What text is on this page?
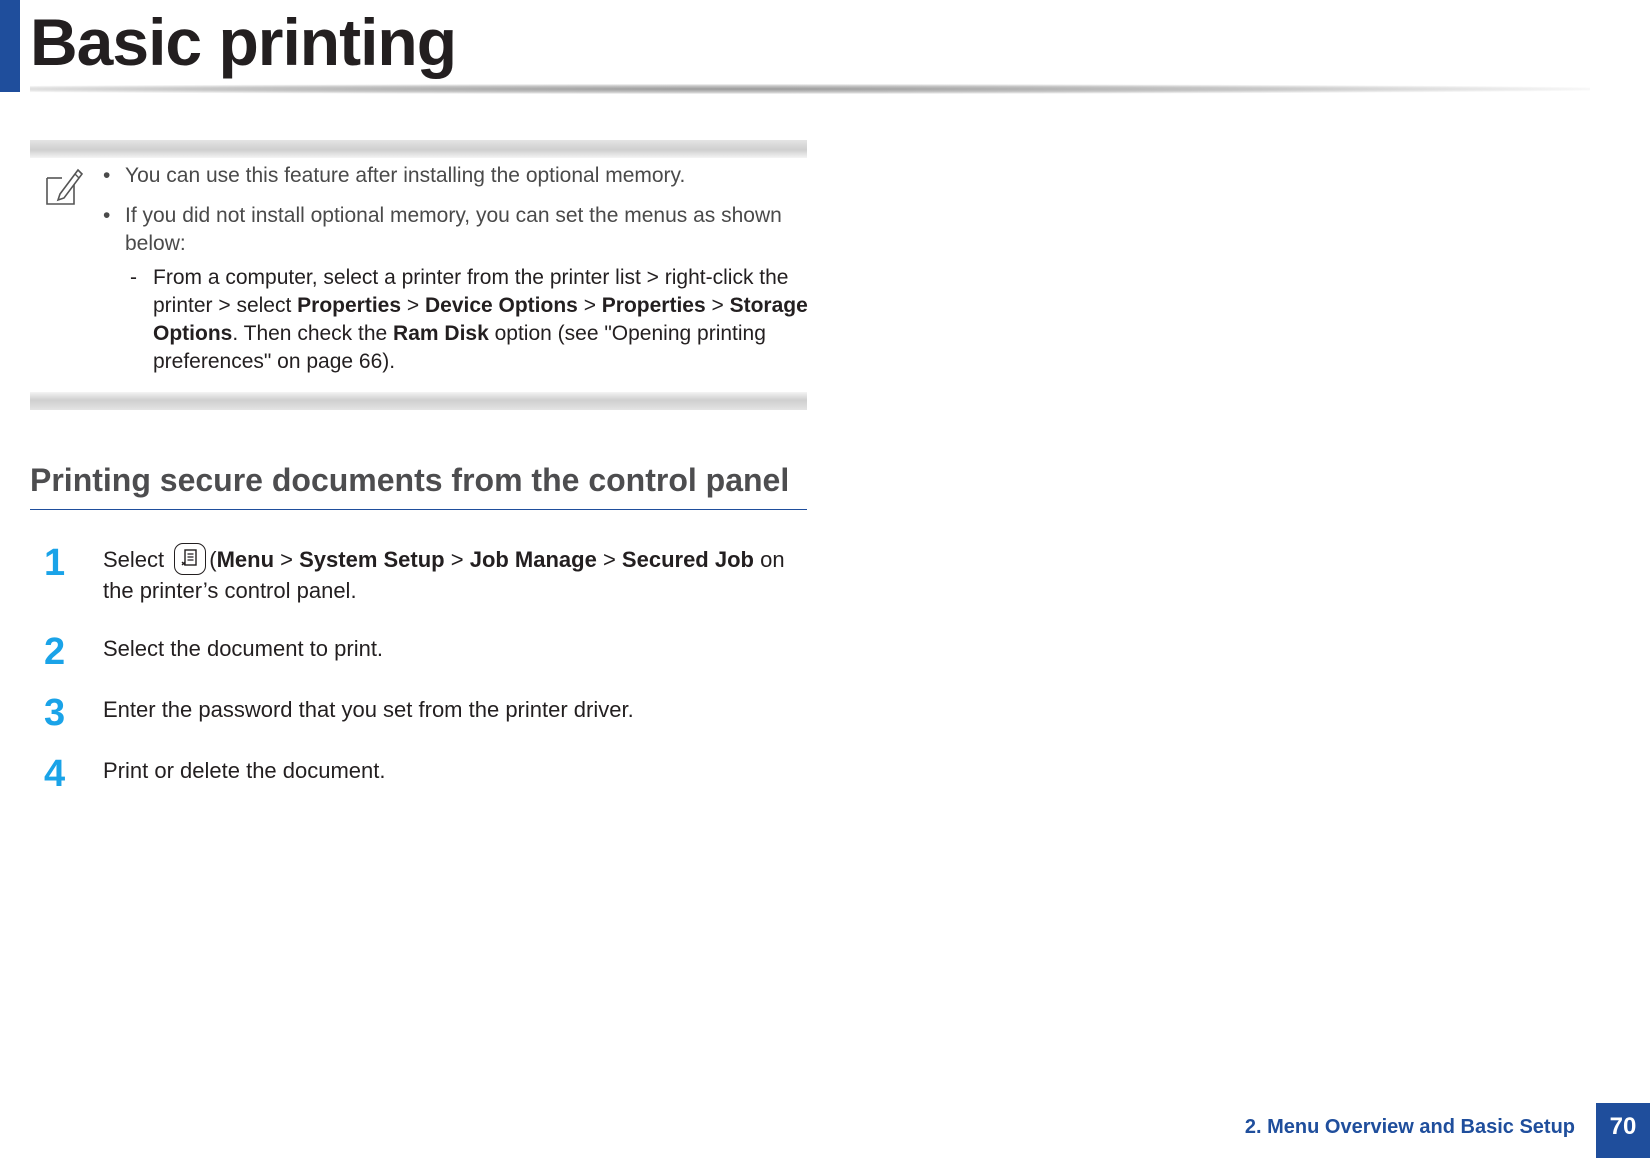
Basic printing
• You can use this feature after installing the optional memory.
• If you did not install optional memory, you can set the menus as shown below:
- From a computer, select a printer from the printer list > right-click the printer > select Properties > Device Options > Properties > Storage Options. Then check the Ram Disk option (see "Opening printing preferences" on page 66).
Printing secure documents from the control panel
1 Select
(Menu > System Setup > Job Manage > Secured Job on the printer’s control panel.
2 Select the document to print.
3 Enter the password that you set from the printer driver.
4 Print or delete the document.
2. Menu Overview and Basic Setup	70
